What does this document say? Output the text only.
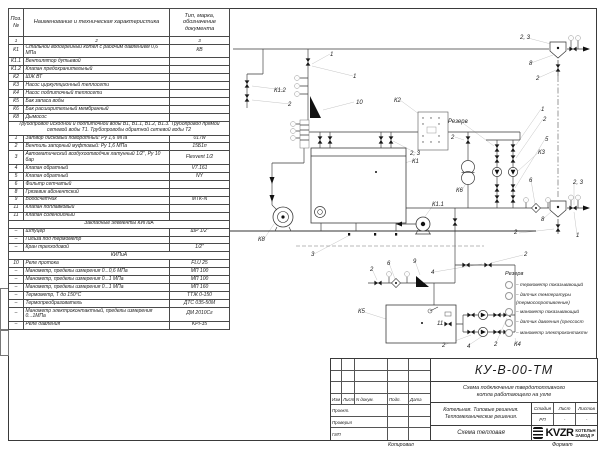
Поз. №	Наименование и техническая характеристика	Тип, марка, обозначение документа
1	2	3
К1	Стальной водогрейный котел с рабочим давлением 0,6 МПа	КВ
К1.1	Вентилятор дутьевой	
К1.2	Клапан предохранительный	
К2	ШЖ ВТ	
К3	Насос циркуляционный теплосети	
К4	Насос подпиточный теплосети	
К5	Бак запаса воды	
К6	Бак расширительный мембранный	
К8	Дымосос	
Трубопровод исходной и подпиточной воды В1, В1.1, В1.2, В1.3. Трубопровод прямой сетевой воды Т1. Трубопроводы обратной сетевой воды Т2		
1	Затвор дисковый поворотный: Ру 1,6 МПа	017w
2	Вентиль запорный муфтовый: Ру 1,6 МПа	15Б1п
3	Автоматический воздухоотводчик латунный 1/2", Ру 10 бар	Flexvent 1/2
4	Клапан обратный	V7.161
5	Клапан обратный	NY
6	Фильтр сетчатый	
8	Грязевик абонентский	
9	Водосчетчик	МТК-N
11	Клапан поплавковый	
11	Клапан соленоидный	
Закладные элементы КИПиА		
–	Штуцер	ШР 1/2"
–	Гильза под термометр	
–	Кран трехходовой	1/2"
КИПиА		
10	Реле протока	FLU 25
–	Манометр, пределы измерения 0...0,6 МПа	МП 100
–	Манометр, пределы измерения 0...1 МПа	МП 100
–	Манометр, пределы измерения 0...1 МПа	МП 160
–	Термометр, Т до 150°С	ТТЖ 0-150
–	Термопреобразователь	ДТС 035-50М
–	Манометр электроконтактный, пределы измерения 0...1МПа	ДМ 2010Сг
–	Реле давления	KPI-35
1
1
К1.2
2	10	К2
2, 3
8
2
2, 3
К1
Резерв
2
1
2
5
К3
К6
К1.1
6	2, 3
8
1
2
К8
3
2
6	9
2
4
К5
11
2	4	2	К4
Резерв
– термометр показывающий
– датчик температуры
(термосопротивление)
– манометр показывающий
– датчик давления (прессост
– манометр электроконтактн
Изм Лист N докум.	Подп.	Дата
Проект.
Проверил
ГИП
КУ-В-00-ТМ
Схема подключения твердотопливного
котла работающего на угле
Котельная. Типовые решения.
Тепломеханические решения.
Стадия	Лист	Листов
РП	-	-
Схема тепловая	KVZR КОТЕЛЬН
ЗАВОД Р
Копировал	Формат
